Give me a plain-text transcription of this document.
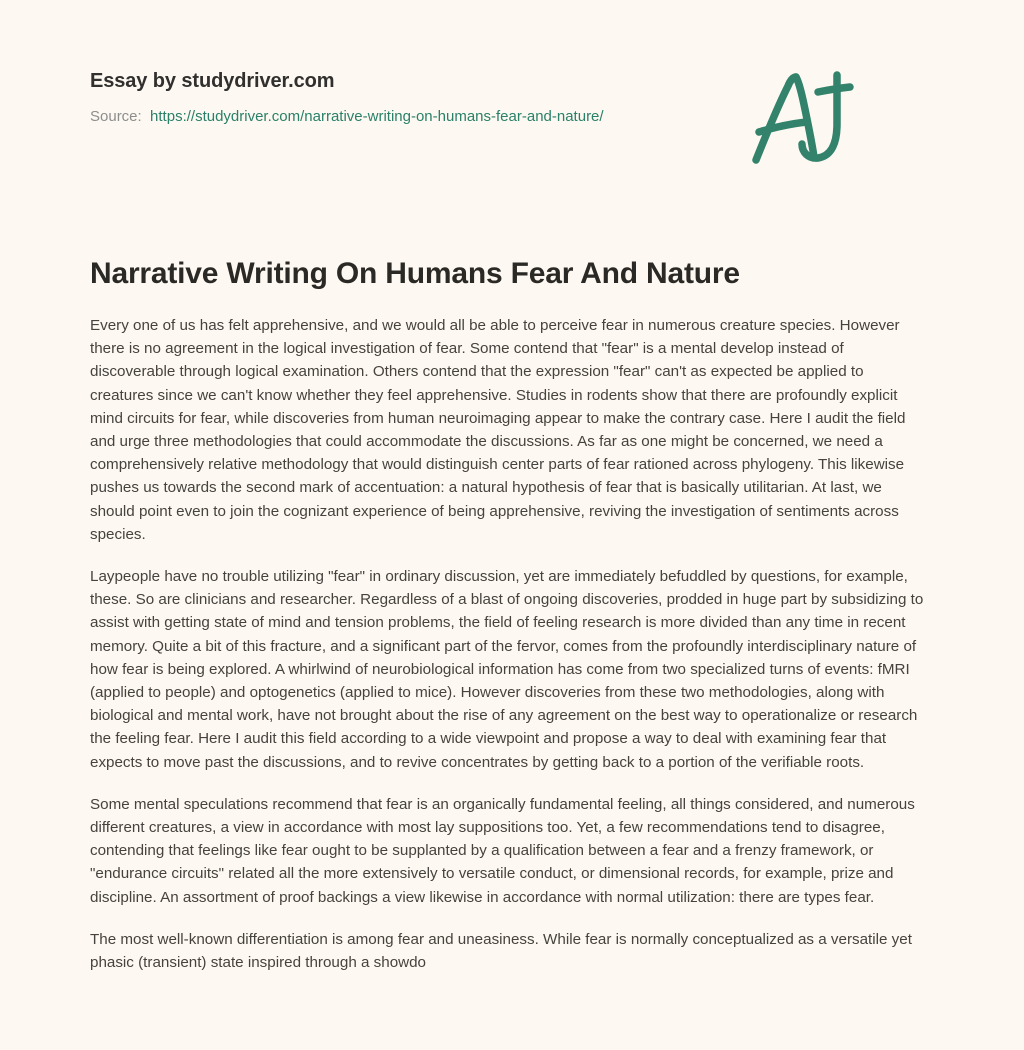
Essay by studydriver.com
Source: https://studydriver.com/narrative-writing-on-humans-fear-and-nature/
Narrative Writing On Humans Fear And Nature

Every one of us has felt apprehensive, and we would all be able to perceive fear in numerous creature species. However there is no agreement in the logical investigation of fear. Some contend that "fear" is a mental develop instead of discoverable through logical examination. Others contend that the expression "fear" can't as expected be applied to creatures since we can't know whether they feel apprehensive. Studies in rodents show that there are profoundly explicit mind circuits for fear, while discoveries from human neuroimaging appear to make the contrary case. Here I audit the field and urge three methodologies that could accommodate the discussions. As far as one might be concerned, we need a comprehensively relative methodology that would distinguish center parts of fear rationed across phylogeny. This likewise pushes us towards the second mark of accentuation: a natural hypothesis of fear that is basically utilitarian. At last, we should point even to join the cognizant experience of being apprehensive, reviving the investigation of sentiments across species.

Laypeople have no trouble utilizing "fear" in ordinary discussion, yet are immediately befuddled by questions, for example, these. So are clinicians and researcher. Regardless of a blast of ongoing discoveries, prodded in huge part by subsidizing to assist with getting state of mind and tension problems, the field of feeling research is more divided than any time in recent memory. Quite a bit of this fracture, and a significant part of the fervor, comes from the profoundly interdisciplinary nature of how fear is being explored. A whirlwind of neurobiological information has come from two specialized turns of events: fMRI (applied to people) and optogenetics (applied to mice). However discoveries from these two methodologies, along with biological and mental work, have not brought about the rise of any agreement on the best way to operationalize or research the feeling fear. Here I audit this field according to a wide viewpoint and propose a way to deal with examining fear that expects to move past the discussions, and to revive concentrates by getting back to a portion of the verifiable roots.

Some mental speculations recommend that fear is an organically fundamental feeling, all things considered, and numerous different creatures, a view in accordance with most lay suppositions too. Yet, a few recommendations tend to disagree, contending that feelings like fear ought to be supplanted by a qualification between a fear and a frenzy framework, or "endurance circuits" related all the more extensively to versatile conduct, or dimensional records, for example, prize and discipline. An assortment of proof backings a view likewise in accordance with normal utilization: there are types fear.

The most well-known differentiation is among fear and uneasiness. While fear is normally conceptualized as a versatile yet phasic (transient) state inspired through a showdo
